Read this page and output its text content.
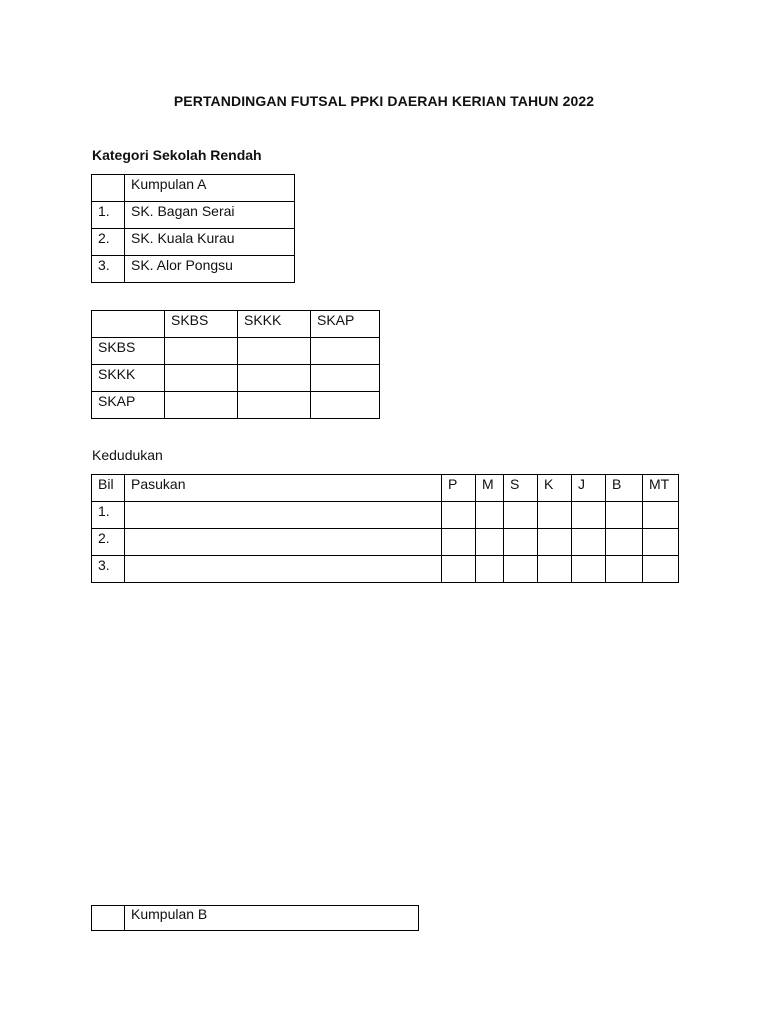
PERTANDINGAN FUTSAL PPKI DAERAH KERIAN TAHUN 2022
Kategori Sekolah Rendah
	Kumpulan A
1.	SK. Bagan Serai
2.	SK. Kuala Kurau
3.	SK. Alor Pongsu
	SKBS	SKKK	SKAP
SKBS			
SKKK			
SKAP			
Kedudukan
Bil	Pasukan	P	M	S	K	J	B	MT
1.								
2.								
3.								
	Kumpulan B
